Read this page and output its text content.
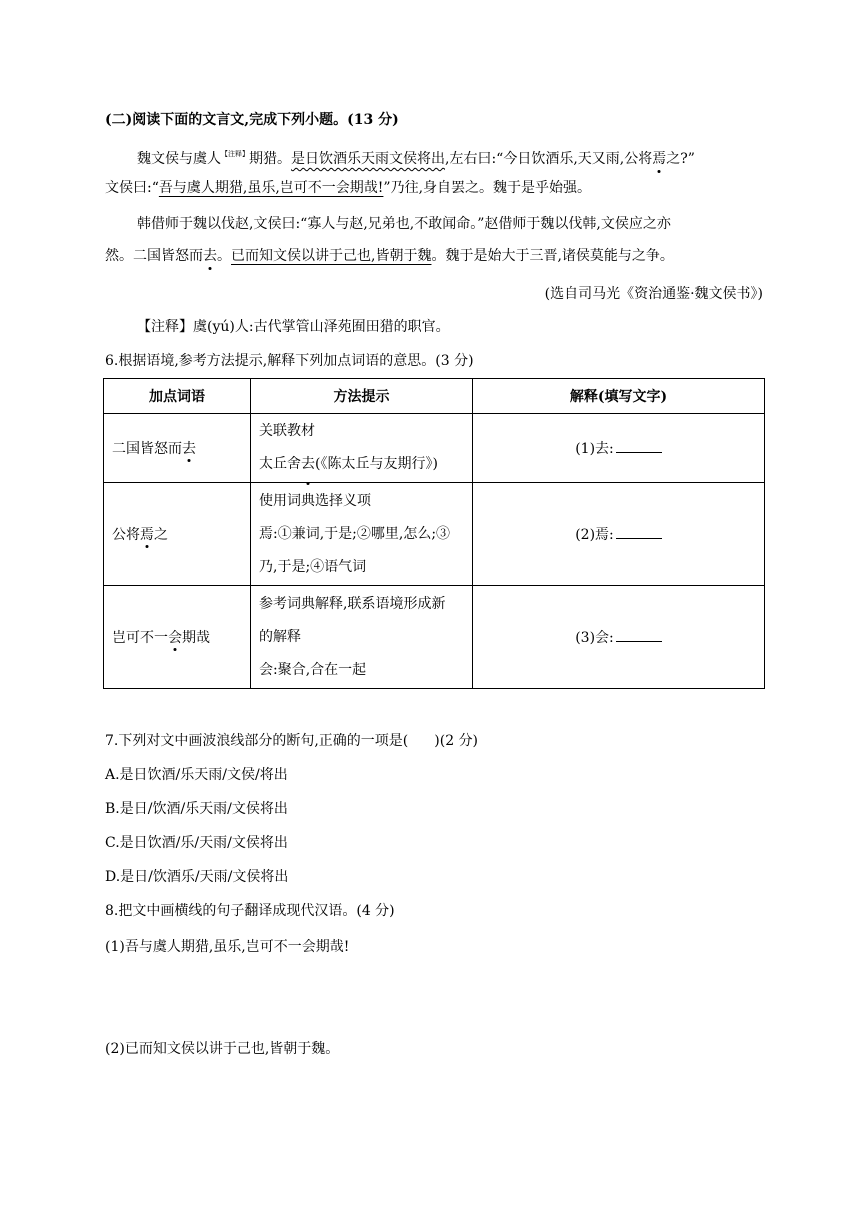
(二)阅读下面的文言文,完成下列小题。(13 分)
魏文侯与虞人$^{【注释】}$期猎。是日饮酒乐天雨文侯将出,左右曰:“今日饮酒乐,天又雨,公将焉之?”
文侯曰:“吾与虞人期猎,虽乐,岂可不一会期哉!”乃往,身自罢之。魏于是乎始强。
韩借师于魏以伐赵,文侯曰:“寡人与赵,兄弟也,不敢闻命。”赵借师于魏以伐韩,文侯应之亦
然。二国皆怒而去。已而知文侯以讲于己也,皆朝于魏。魏于是始大于三晋,诸侯莫能与之争。
(选自司马光《资治通鉴·魏文侯书》)
【注释】虞(yú)人:古代掌管山泽苑囿田猎的职官。
6.根据语境,参考方法提示,解释下列加点词语的意思。(3 分)
加点词语	方法提示	解释(填写文字)
二国皆怒而去	关联教材
太丘舍去(《陈太丘与友期行》)	(1)去:
公将焉之	使用词典选择义项
焉:①兼词,于是;②哪里,怎么;③
乃,于是;④语气词	(2)焉:
岂可不一会期哉	参考词典解释,联系语境形成新
的解释
会:聚合,合在一起	(3)会:
7.下列对文中画波浪线部分的断句,正确的一项是( )(2 分)
A.是日饮酒/乐天雨/文侯/将出
B.是日/饮酒/乐天雨/文侯将出
C.是日饮酒/乐/天雨/文侯将出
D.是日/饮酒乐/天雨/文侯将出
8.把文中画横线的句子翻译成现代汉语。(4 分)
(1)吾与虞人期猎,虽乐,岂可不一会期哉!
(2)已而知文侯以讲于己也,皆朝于魏。
